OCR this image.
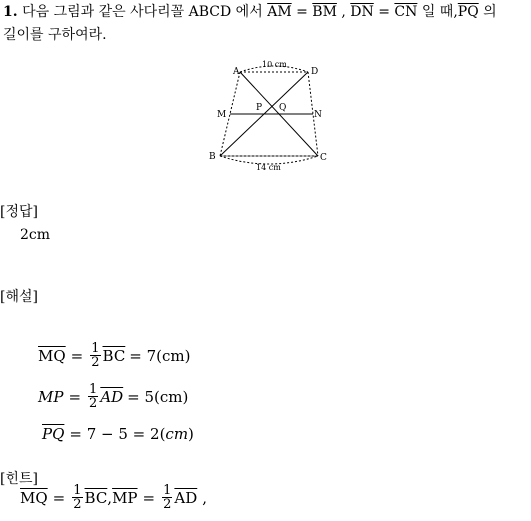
1. 다음 그림과 같은 사다리꼴 ABCD 에서 $\overline{AM} = \overline{BM}$ , $\overline{DN} = \overline{CN}$ 일 때$,\overline{PQ}$ 의
길이를 구하여라.
A	D
M	N
P Q
B	C
10 cm
14 cm
[정답]
2cm
[해설]
$\overline{MQ} = \frac{1}{2} \overline{BC} = 7(cm)$
MP = $\frac{1}{2} \overline{AD} = 5(cm)$
$\overline{PQ} = 7 - 5 = 2$( cm )
[힌트]
$\overline{MQ} = \frac{1}{2} \overline{BC}$ , $\overline{MP} = \frac{1}{2} \overline{AD}$ ,
